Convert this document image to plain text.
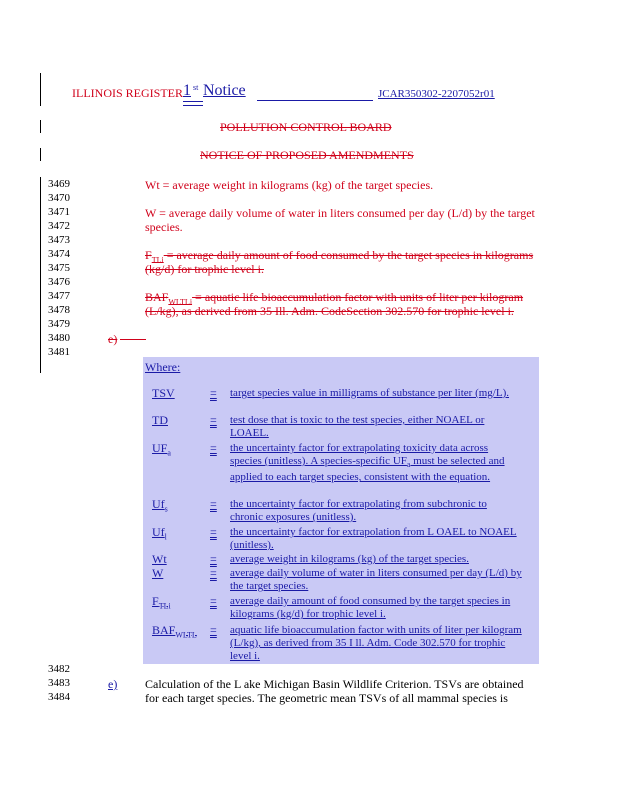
ILLINOIS REGISTER 1 st Notice	JCAR350302-2207052r01
POLLUTION CONTROL BOARD
NOTICE OF PROPOSED AMENDMENTS
3469
3470
3471
3472
3473
3474
3475
3476
3477
3478
3479
3480
3481
3482
3483
3484
Wt = average weight in kilograms (kg) of the target species.
W = average daily volume of water in liters consumed per day (L/d) by the target
species.
$F_{TLi}$ = average daily amount of food consumed by the target species in kilograms
(kg/d) for trophic level i.
$BAF_{WLTLi}$ = aquatic life bioaccumulation factor with units of liter per kilogram
(L/kg), as derived from 35 Ill. Adm. CodeSection 302.570 for trophic level i.
e)
Where:
TSV	= target species value in milligrams of substance per liter (mg/L).
TD	= test dose that is toxic to the test species, either NOAEL or LOAEL.
$UF_a$	= the uncertainty factor for extrapolating toxicity data across species (unitless). A species-specific $UF_a$ must be selected and applied to each target species, consistent with the equation.
$Uf_s$	= the uncertainty factor for extrapolating from subchronic to chronic exposures (unitless).
$Uf_l$	= the uncertainty factor for extrapolation from L OAEL to NOAEL (unitless).
Wt	= average weight in kilograms (kg) of the target species.
W	= average daily volume of water in liters consumed per day (L/d) by the target species.
$F_{TLi}$	= average daily amount of food consumed by the target species in kilograms (kg/d) for trophic level i.
$BAF_{WLTL}$ = aquatic life bioaccumulation factor with units of liter per kilogram (L/kg), as derived from 35 I ll. Adm. Code 302.570 for trophic level i.
e) Calculation of the L ake Michigan Basin Wildlife Criterion. TSVs are obtained
for each target species. The geometric mean TSVs of all mammal species is
